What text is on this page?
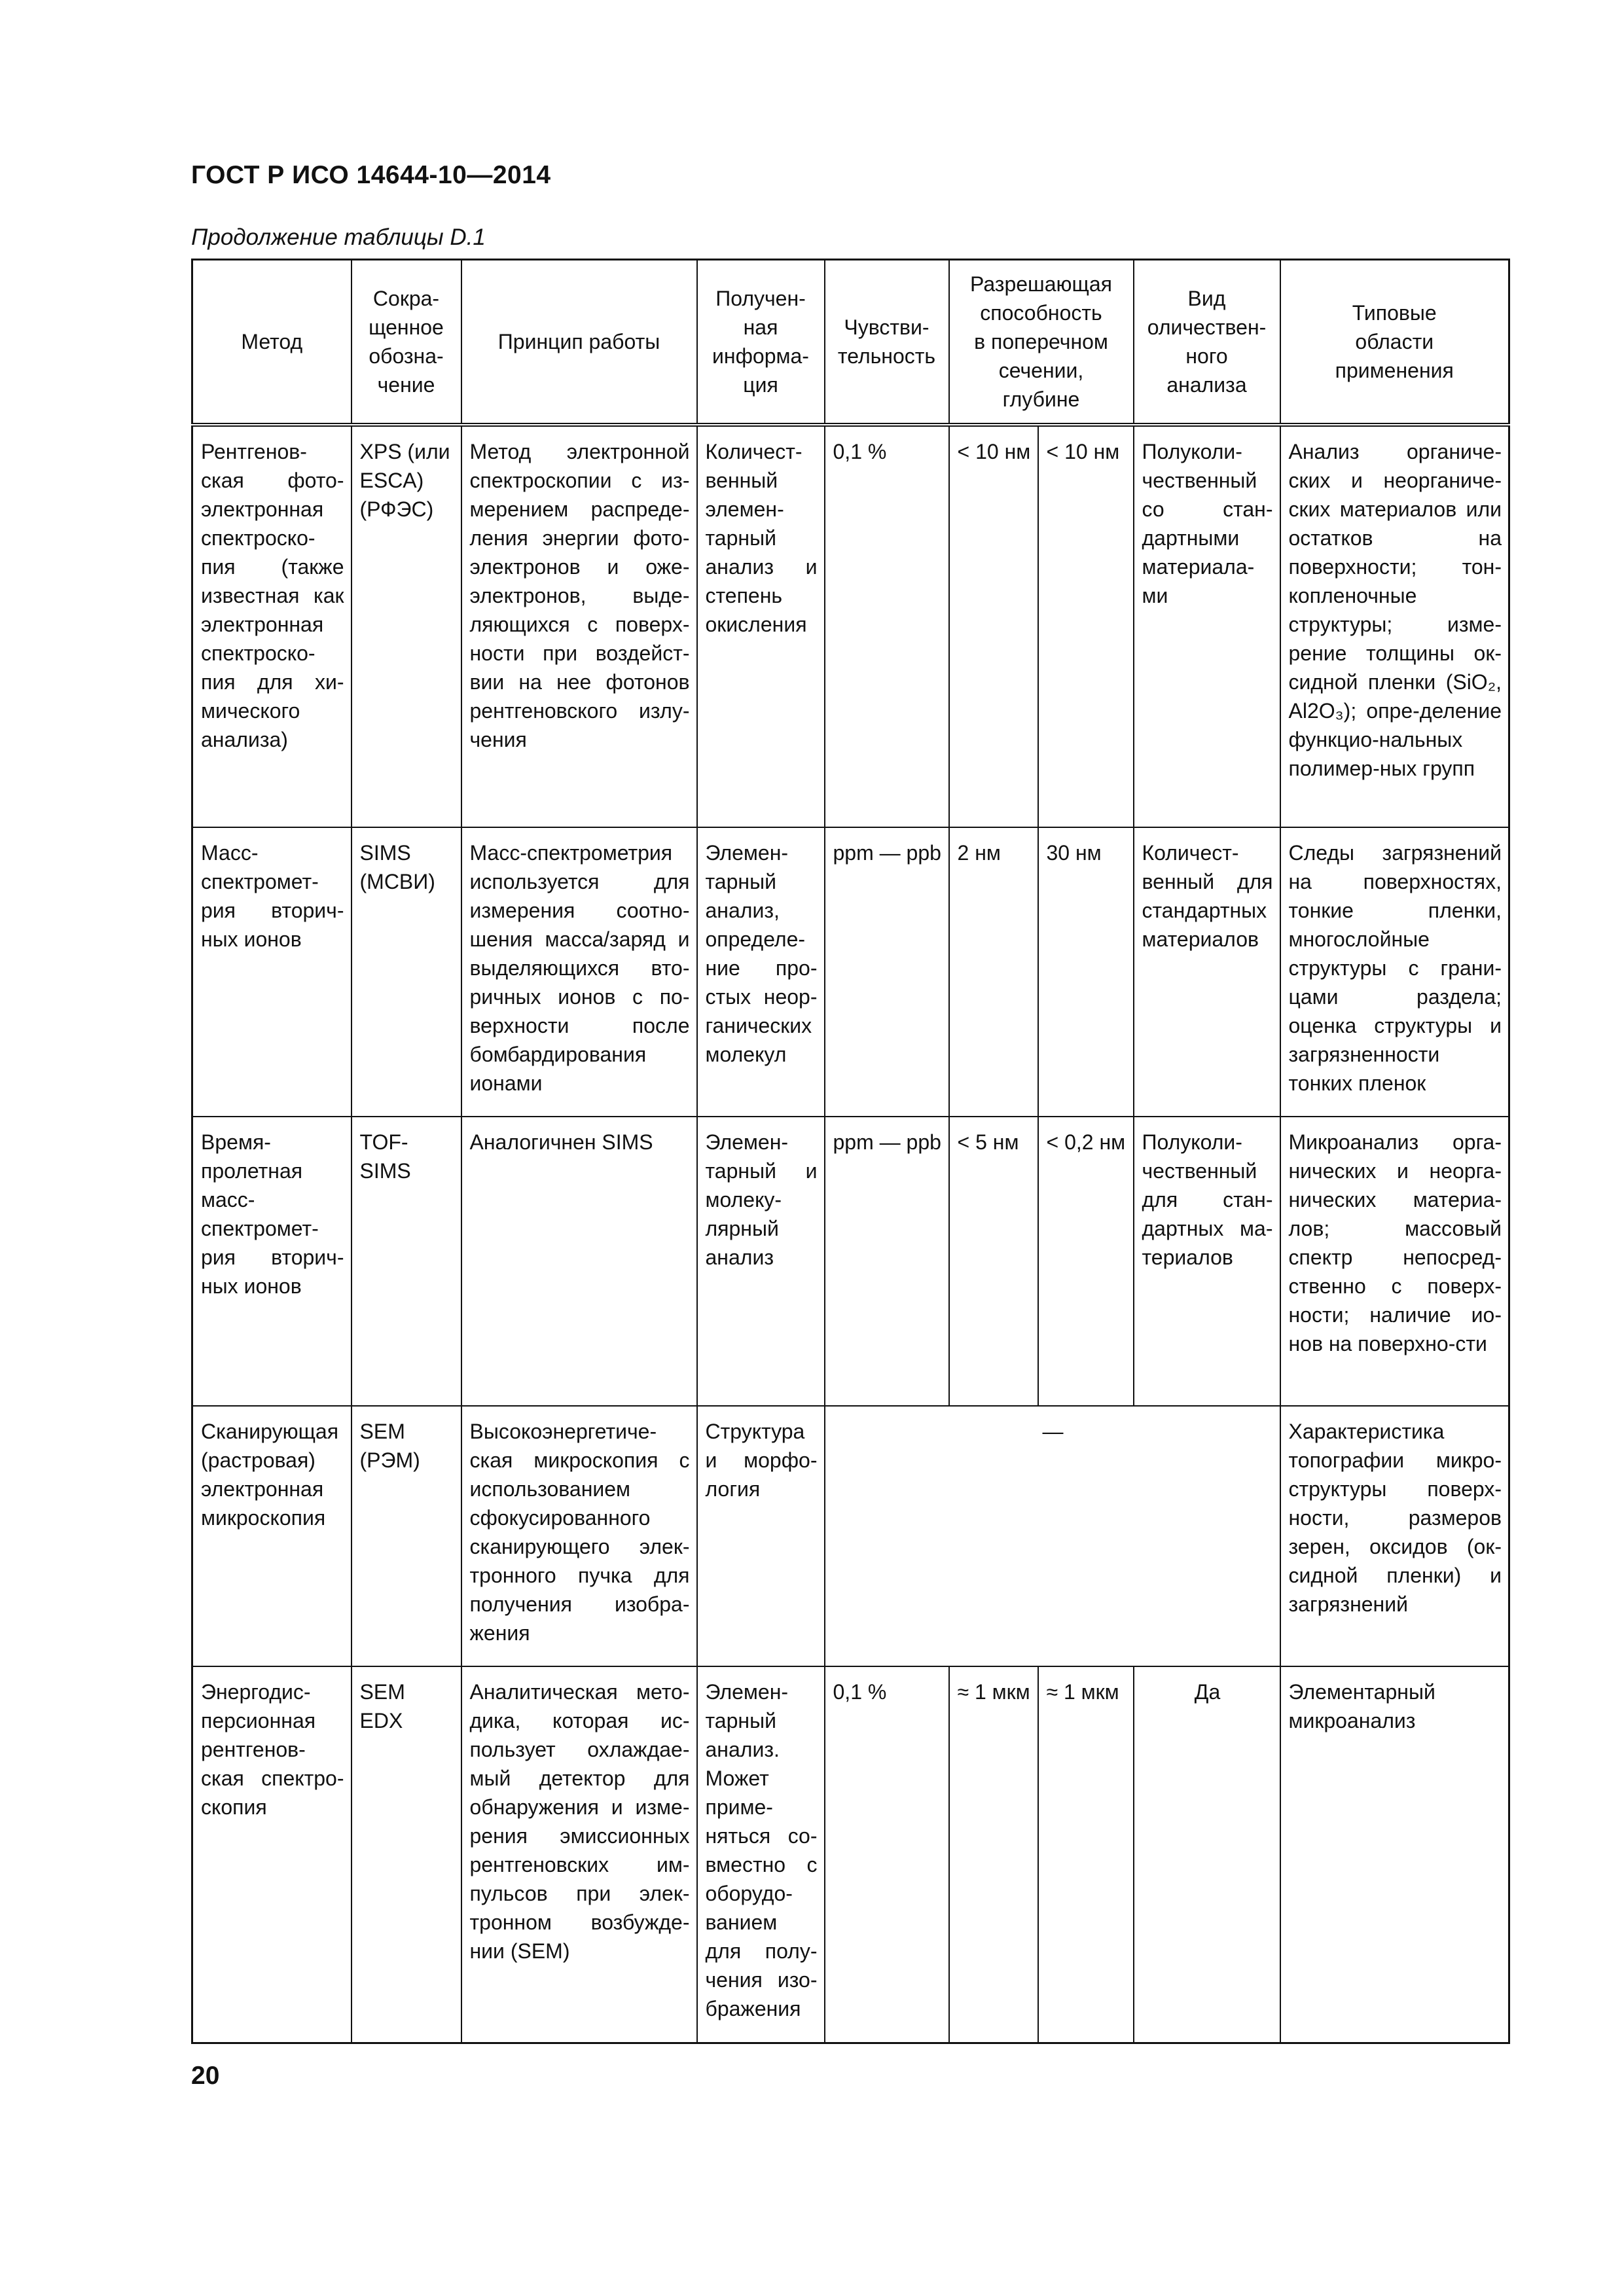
ГОСТ Р ИСО 14644-10—2014
Продолжение таблицы D.1
Метод	Сокра-
щенное
обозна-
чение	Принцип работы	Получен-
ная
информа-
ция	Чувстви-
тельность	Разрешающая
способность
в поперечном
сечении,
глубине		Вид
оличествен-
ного
анализа	Типовые
области
применения
Рентгенов-ская фото-электронная спектроско-пия (также известная как электронная спектроско-пия для хи-мического анализа)	XPS (или ESCA) (РФЭС)	Метод электронной спектроскопии с из-мерением распреде-ления энергии фото-электронов и оже-электронов, выде-ляющихся с поверх-ности при воздейст-вии на нее фотонов рентгеновского излу-чения	Количест-венный элемен-тарный анализ и степень окисления	0,1 %	< 10 нм	< 10 нм	Полуколи-чественный со стан-дартными материала-ми	Анализ органиче-ских и неорганиче-ских материалов или остатков на поверхности; тон-копленочные структуры; изме-рение толщины ок-сидной пленки (SiO₂, Al2O₃); опре-деление функцио-нальных полимер-ных групп
Масс-спектромет-рия вторич-ных ионов	SIMS (МСВИ)	Масс-спектрометрия используется для измерения соотно-шения масса/заряд и выделяющихся вто-ричных ионов с по-верхности после бомбардирования ионами	Элемен-тарный анализ, определе-ние про-стых неор-ганических молекул	ppm — ppb	2 нм	30 нм	Количест-венный для стандартных материалов	Следы загрязнений на поверхностях, тонкие пленки, многослойные структуры с грани-цами раздела; оценка структуры и загрязненности тонких пленок
Время-пролетная масс-спектромет-рия вторич-ных ионов	TOF-SIMS	Аналогичнен SIMS	Элемен-тарный и молеку-лярный анализ	ppm — ppb	< 5 нм	< 0,2 нм	Полуколи-чественный для стан-дартных ма-териалов	Микроанализ орга-нических и неорга-нических материа-лов; массовый спектр непосред-ственно с поверх-ности; наличие ио-нов на поверхно-сти
Сканирующая (растровая) электронная микроскопия	SEM (РЭМ)	Высокоэнергетиче-ская микроскопия с использованием сфокусированного сканирующего элек-тронного пучка для получения изобра-жения	Структура и морфо-логия	—				Характеристика топографии микро-структуры поверх-ности, размеров зерен, оксидов (ок-сидной пленки) и загрязнений
Энергодис-персионная рентгенов-ская спектро-скопия	SEM EDX	Аналитическая мето-дика, которая ис-пользует охлаждае-мый детектор для обнаружения и изме-рения эмиссионных рентгеновских им-пульсов при элек-тронном возбужде-нии (SEM)	Элемен-тарный анализ. Может приме-няться со-вместно с оборудо-ванием для полу-чения изо-бражения	0,1 %	≈ 1 мкм	≈ 1 мкм	Да	Элементарный микроанализ
20
